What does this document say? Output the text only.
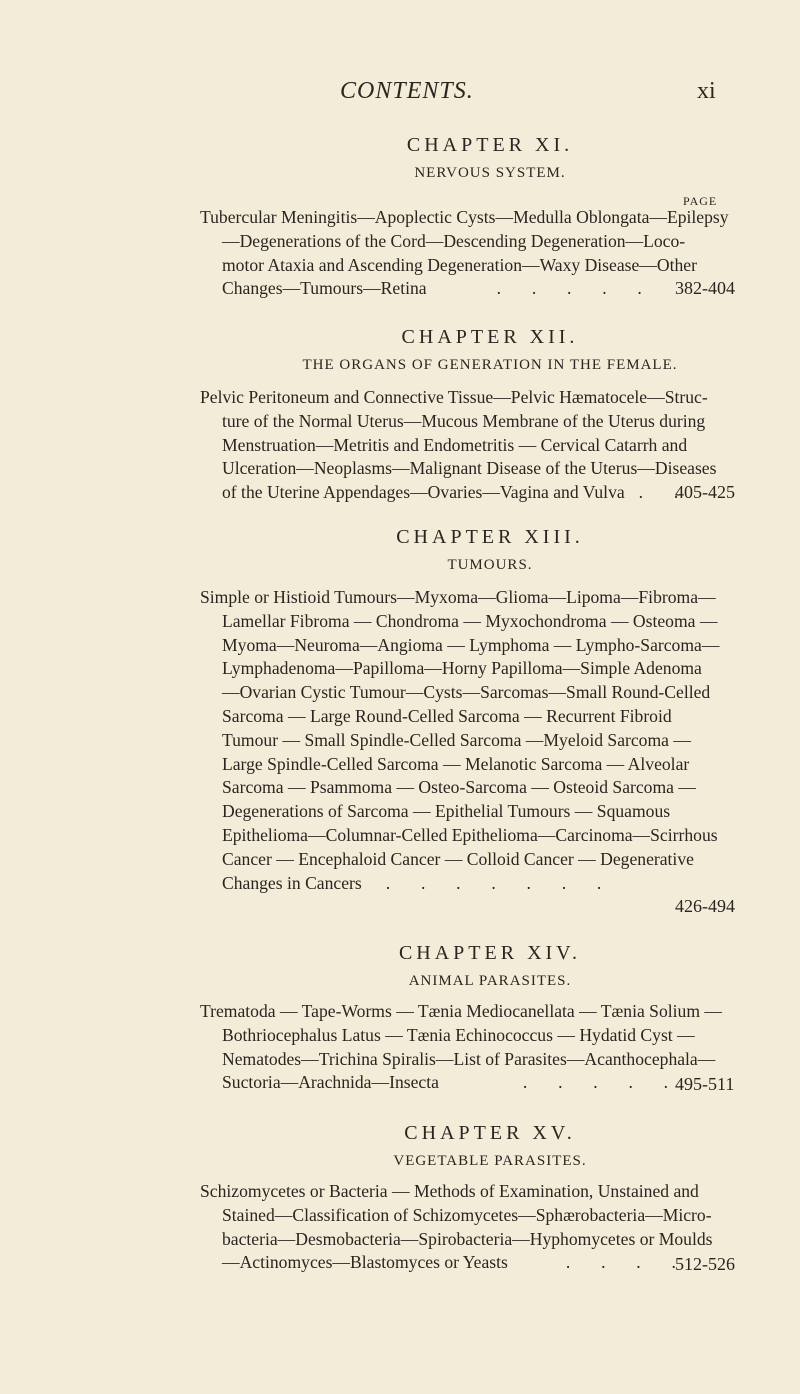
CONTENTS.	xi
CHAPTER XI.

NERVOUS SYSTEM.

PAGE
Tubercular Meningitis—Apoplectic Cysts—Medulla Oblongata—Epilepsy
—Degenerations of the Cord—Descending Degeneration—Loco-
motor Ataxia and Ascending Degeneration—Waxy Disease—Other
Changes—Tumours—Retina	.       .       .       .       .	382-404
CHAPTER XII.

THE ORGANS OF GENERATION IN THE FEMALE.

Pelvic Peritoneum and Connective Tissue—Pelvic Hæmatocele—Struc-
ture of the Normal Uterus—Mucous Membrane of the Uterus during
Menstruation—Metritis and Endometritis — Cervical Catarrh and
Ulceration—Neoplasms—Malignant Disease of the Uterus—Diseases
of the Uterine Appendages—Ovaries—Vagina and Vulva .       .
405-425
CHAPTER XIII.

TUMOURS.

Simple or Histioid Tumours—Myxoma—Glioma—Lipoma—Fibroma—
Lamellar Fibroma — Chondroma — Myxochondroma — Osteoma —
Myoma—Neuroma—Angioma — Lymphoma — Lympho-Sarcoma—
Lymphadenoma—Papilloma—Horny Papilloma—Simple Adenoma
—Ovarian Cystic Tumour—Cysts—Sarcomas—Small Round-Celled
Sarcoma — Large Round-Celled Sarcoma — Recurrent Fibroid
Tumour — Small Spindle-Celled Sarcoma —Myeloid Sarcoma —
Large Spindle-Celled Sarcoma — Melanotic Sarcoma — Alveolar
Sarcoma — Psammoma — Osteo-Sarcoma — Osteoid Sarcoma —
Degenerations of Sarcoma — Epithelial Tumours — Squamous
Epithelioma—Columnar-Celled Epithelioma—Carcinoma—Scirrhous
Cancer — Encephaloid Cancer — Colloid Cancer — Degenerative
Changes in Cancers .       .       .       .       .       .       .
426-494
CHAPTER XIV.

ANIMAL PARASITES.

Trematoda — Tape-Worms — Tænia Mediocanellata — Tænia Solium —
Bothriocephalus Latus — Tænia Echinococcus — Hydatid Cyst —
Nematodes—Trichina Spiralis—List of Parasites—Acanthocephala—
Suctoria—Arachnida—Insecta	.       .       .       .       . 495-511
CHAPTER XV.

VEGETABLE PARASITES.

Schizomycetes or Bacteria — Methods of Examination, Unstained and
Stained—Classification of Schizomycetes—Sphærobacteria—Micro-
bacteria—Desmobacteria—Spirobacteria—Hyphomycetes or Moulds
—Actinomyces—Blastomyces or Yeasts	.       .       .       . 512-526
